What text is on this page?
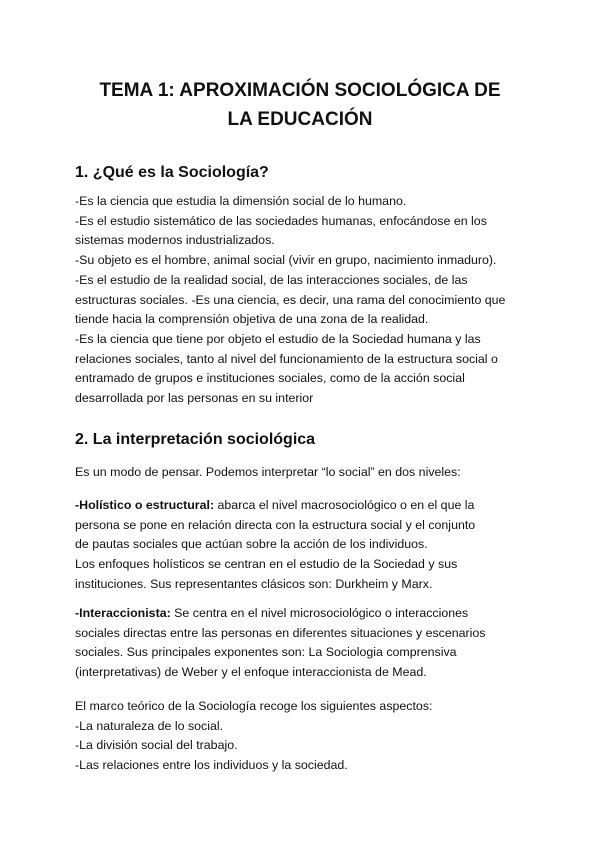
TEMA 1: APROXIMACIÓN SOCIOLÓGICA DE
LA EDUCACIÓN
1. ¿Qué es la Sociología?

-Es la ciencia que estudia la dimensión social de lo humano.

-Es el estudio sistemático de las sociedades humanas, enfocándose en los

sistemas modernos industrializados.

-Su objeto es el hombre, animal social (vivir en grupo, nacimiento inmaduro).

-Es el estudio de la realidad social, de las interacciones sociales, de las

estructuras sociales. -Es una ciencia, es decir, una rama del conocimiento que

tiende hacia la comprensión objetiva de una zona de la realidad.

-Es la ciencia que tiene por objeto el estudio de la Sociedad humana y las

relaciones sociales, tanto al nivel del funcionamiento de la estructura social o

entramado de grupos e instituciones sociales, como de la acción social

desarrollada por las personas en su interior

2. La interpretación sociológica

Es un modo de pensar. Podemos interpretar “lo social” en dos niveles:

-Holístico o estructural: abarca el nivel macrosociológico o en el que la

persona se pone en relación directa con la estructura social y el conjunto

de pautas sociales que actúan sobre la acción de los individuos.

Los enfoques holísticos se centran en el estudio de la Sociedad y sus

instituciones. Sus representantes clásicos son: Durkheim y Marx.

-Interaccionista: Se centra en el nivel microsociológico o interacciones

sociales directas entre las personas en diferentes situaciones y escenarios

sociales. Sus principales exponentes son: La Sociologia comprensiva

(interpretativas) de Weber y el enfoque interaccionista de Mead.

El marco teórico de la Sociología recoge los siguientes aspectos:

-La naturaleza de lo social.

-La división social del trabajo.

-Las relaciones entre los individuos y la sociedad.
